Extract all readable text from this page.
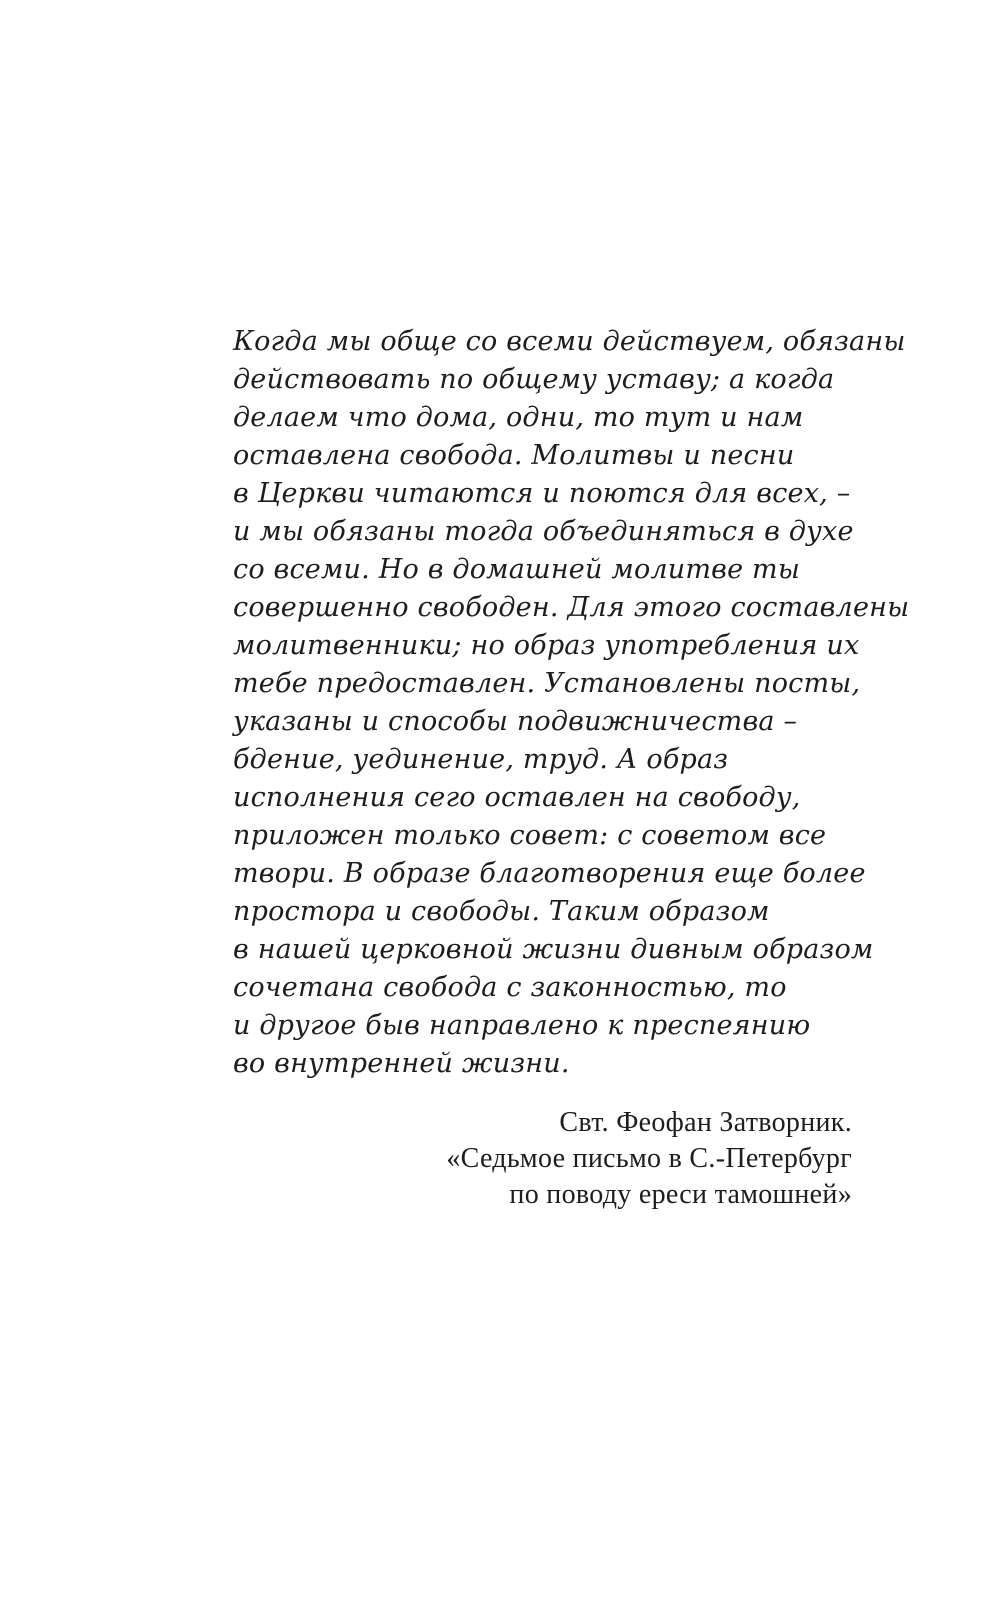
Когда мы обще со всеми действуем, обязаны
действовать по общему уставу; а когда
делаем что дома, одни, то тут и нам
оставлена свобода. Молитвы и песни
в Церкви читаются и поются для всех, –
и мы обязаны тогда объединяться в духе
со всеми. Но в домашней молитве ты
совершенно свободен. Для этого составлены
молитвенники; но образ употребления их
тебе предоставлен. Установлены посты,
указаны и способы подвижничества –
бдение, уединение, труд. А образ
исполнения сего оставлен на свободу,
приложен только совет: с советом все
твори. В образе благотворения еще более
простора и свободы. Таким образом
в нашей церковной жизни дивным образом
сочетана свобода с законностью, то
и другое быв направлено к преспеянию
во внутренней жизни.
Свт. Феофан Затворник.
«Седьмое письмо в С.-Петербург
по поводу ереси тамошней»
